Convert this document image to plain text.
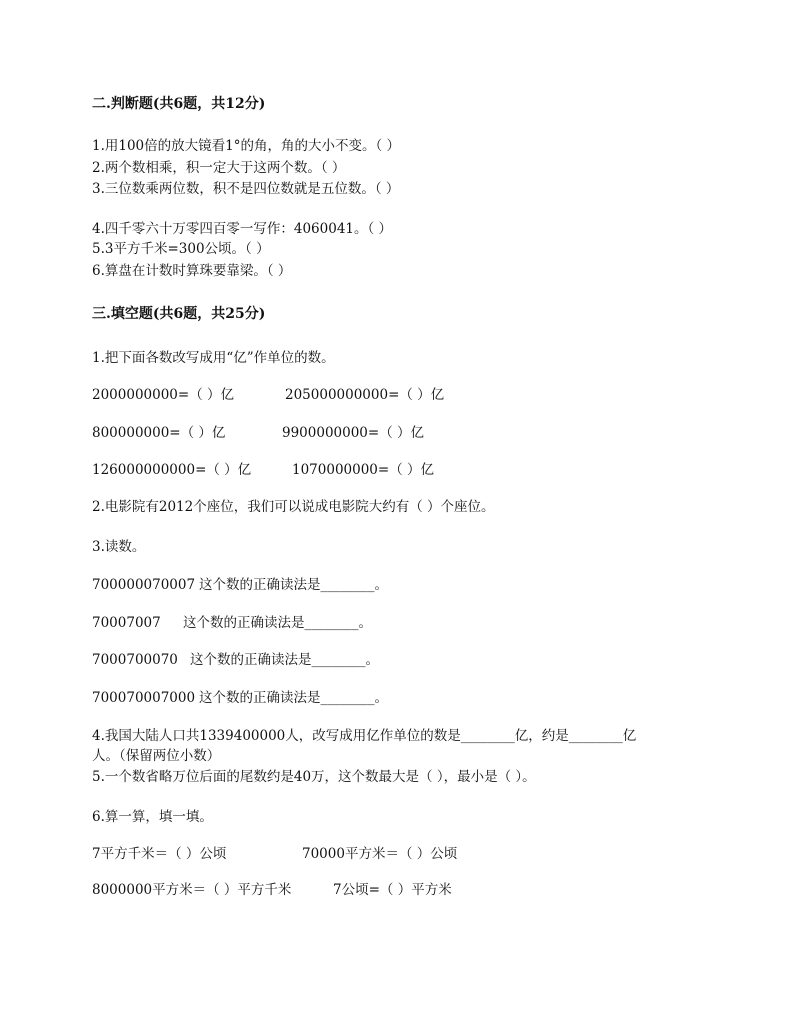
二.判断题(共6题，共12分)
1.用100倍的放大镜看1°的角，角的大小不变。（ ）
2.两个数相乘，积一定大于这两个数。（ ）
3.三位数乘两位数，积不是四位数就是五位数。（ ）
4.四千零六十万零四百零一写作：4060041。（ ）
5.3平方千米=300公顷。（ ）
6.算盘在计数时算珠要靠梁。（ ）
三.填空题(共6题，共25分)
1.把下面各数改写成用“亿”作单位的数。
2000000000=（ ）亿	205000000000=（ ）亿
800000000=（ ）亿	9900000000=（ ）亿
126000000000=（ ）亿	1070000000=（ ）亿
2.电影院有2012个座位，我们可以说成电影院大约有（ ）个座位。
3.读数。
700000070007 这个数的正确读法是________。
70007007 这个数的正确读法是________。
7000700070 这个数的正确读法是________。
700070007000 这个数的正确读法是________。
4.我国大陆人口共1339400000人，改写成用亿作单位的数是________亿，约是________亿
人。（保留两位小数）
5.一个数省略万位后面的尾数约是40万，这个数最大是（ ），最小是（ ）。
6.算一算，填一填。
7平方千米＝（ ）公顷	70000平方米＝（ ）公顷
8000000平方米＝（ ）平方千米	7公顷=（ ）平方米
